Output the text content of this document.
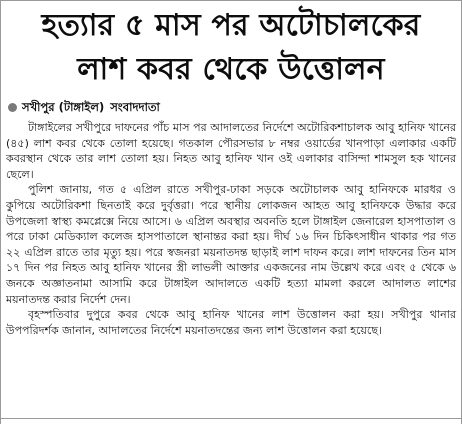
হত্যার ৫ মাস পর অটোচালকের
লাশ কবর থেকে উত্তোলন
সখীপুর (টাঙ্গাইল) সংবাদদাতা

টাঙ্গাইলের সখীপুরে দাফনের পাঁচ মাস পর আদালতের নির্দেশে অটোরিকশাচালক আবু হানিফ খানের (৪৫) লাশ কবর থেকে তোলা হয়েছে। গতকাল পৌরসভার ৮ নম্বর ওয়ার্ডের খানপাড়া এলাকার একটি কবরস্থান থেকে তার লাশ তোলা হয়। নিহত আবু হানিফ খান ওই এলাকার বাসিন্দা শামসুল হক খানের ছেলে।

পুলিশ জানায়, গত ৫ এপ্রিল রাতে সখীপুর-ঢাকা সড়কে অটোচালক আবু হানিফকে মারধর ও কুপিয়ে অটোরিকশা ছিনতাই করে দুর্বৃত্তরা। পরে স্থানীয় লোকজন আহত আবু হানিফকে উদ্ধার করে উপজেলা স্বাস্থ্য কমপ্লেক্সে নিয়ে আসে। ৬ এপ্রিল অবস্থার অবনতি হলে টাঙ্গাইল জেনারেল হাসপাতাল ও পরে ঢাকা মেডিক্যাল কলেজ হাসপাতালে স্থানান্তর করা হয়। দীর্ঘ ১৬ দিন চিকিৎসাধীন থাকার পর গত ২২ এপ্রিল রাতে তার মৃত্যু হয়। পরে স্বজনরা ময়নাতদন্ত ছাড়াই লাশ দাফন করে। লাশ দাফনের তিন মাস ১৭ দিন পর নিহত আবু হানিফ খানের স্ত্রী লাভলী আক্তার একজনের নাম উল্লেখ করে এবং ৫ থেকে ৬ জনকে অজ্ঞাতনামা আসামি করে টাঙ্গাইল আদালতে একটি হত্যা মামলা করলে আদালত লাশের ময়নাতদন্ত করার নির্দেশ দেন।

বৃহস্পতিবার দুপুরে কবর থেকে আবু হানিফ খানের লাশ উত্তোলন করা হয়। সখীপুর থানার উপপরিদর্শক জানান, আদালতের নির্দেশে ময়নাতদন্তের জন্য লাশ উত্তোলন করা হয়েছে।
